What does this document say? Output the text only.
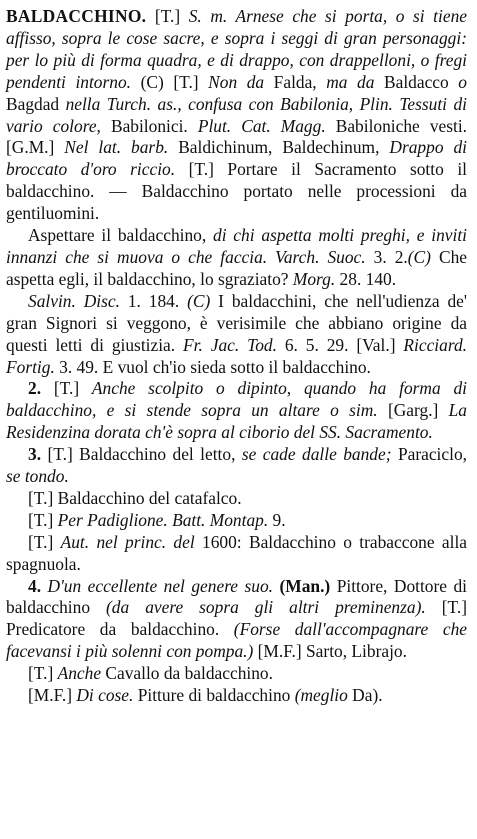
BALDACCHINO. [T.] S. m. Arnese che si porta, o si tiene affisso, sopra le cose sacre, e sopra i seggi di gran personaggi: per lo più di forma quadra, e di drappo, con drappelloni, o fregi pendenti intorno. (C) [T.] Non da Falda, ma da Baldacco o Bagdad nella Turch. as., confusa con Babilonia, Plin. Tessuti di vario colore, Babilonici. Plut. Cat. Magg. Babiloniche vesti. [G.M.] Nel lat. barb. Baldichinum, Baldechinum, Drappo di broccato d'oro riccio. [T.] Portare il Sacramento sotto il baldacchino. — Baldacchino portato nelle processioni da gentiluomini.

Aspettare il baldacchino, di chi aspetta molti preghi, e inviti innanzi che si muova o che faccia. Varch. Suoc. 3. 2.(C) Che aspetta egli, il baldacchino, lo sgraziato? Morg. 28. 140.

Salvin. Disc. 1. 184. (C) I baldacchini, che nell'udienza de' gran Signori si veggono, è verisimile che abbiano origine da questi letti di giustizia. Fr. Jac. Tod. 6. 5. 29. [Val.] Ricciard. Fortig. 3. 49. E vuol ch'io sieda sotto il baldacchino.

2. [T.] Anche scolpito o dipinto, quando ha forma di baldacchino, e si stende sopra un altare o sim. [Garg.] La Residenzina dorata ch'è sopra al ciborio del SS. Sacramento.

3. [T.] Baldacchino del letto, se cade dalle bande; Paraciclo, se tondo.

[T.] Baldacchino del catafalco.

[T.] Per Padiglione. Batt. Montap. 9.

[T.] Aut. nel princ. del 1600: Baldacchino o trabaccone alla spagnuola.

4. D'un eccellente nel genere suo. (Man.) Pittore, Dottore di baldacchino (da avere sopra gli altri preminenza). [T.] Predicatore da baldacchino. (Forse dall'accompagnare che facevansi i più solenni con pompa.) [M.F.] Sarto, Librajo.

[T.] Anche Cavallo da baldacchino.

[M.F.] Di cose. Pitture di baldacchino (meglio Da).
